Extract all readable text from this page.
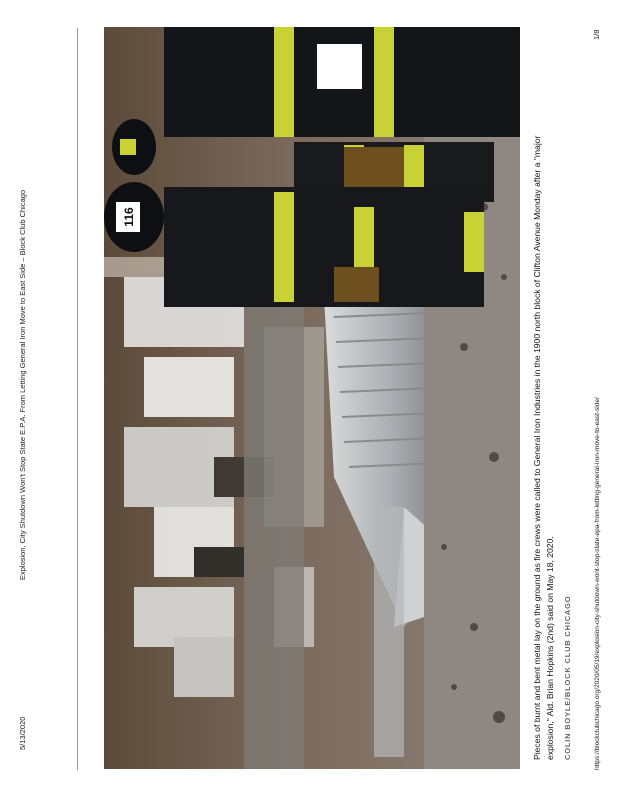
5/13/2020
Explosion, City Shutdown Won't Stop State E.P.A. From Letting General Iron Move to East Side – Block Club Chicago	116	Pieces of burnt and bent metal lay on the ground as fire crews were called to General Iron Industries in the 1900 north block of Clifton Avenue Monday after a "major explosion," Ald. Brian Hopkins (2nd) said on May 18, 2020. COLIN BOYLE/BLOCK CLUB CHICAGO	https://blockclubchicago.org/2020/05/19/explosion-city-shutdown-wont-stop-state-epa-from-letting-general-iron-move-to-east-side/
1/8
